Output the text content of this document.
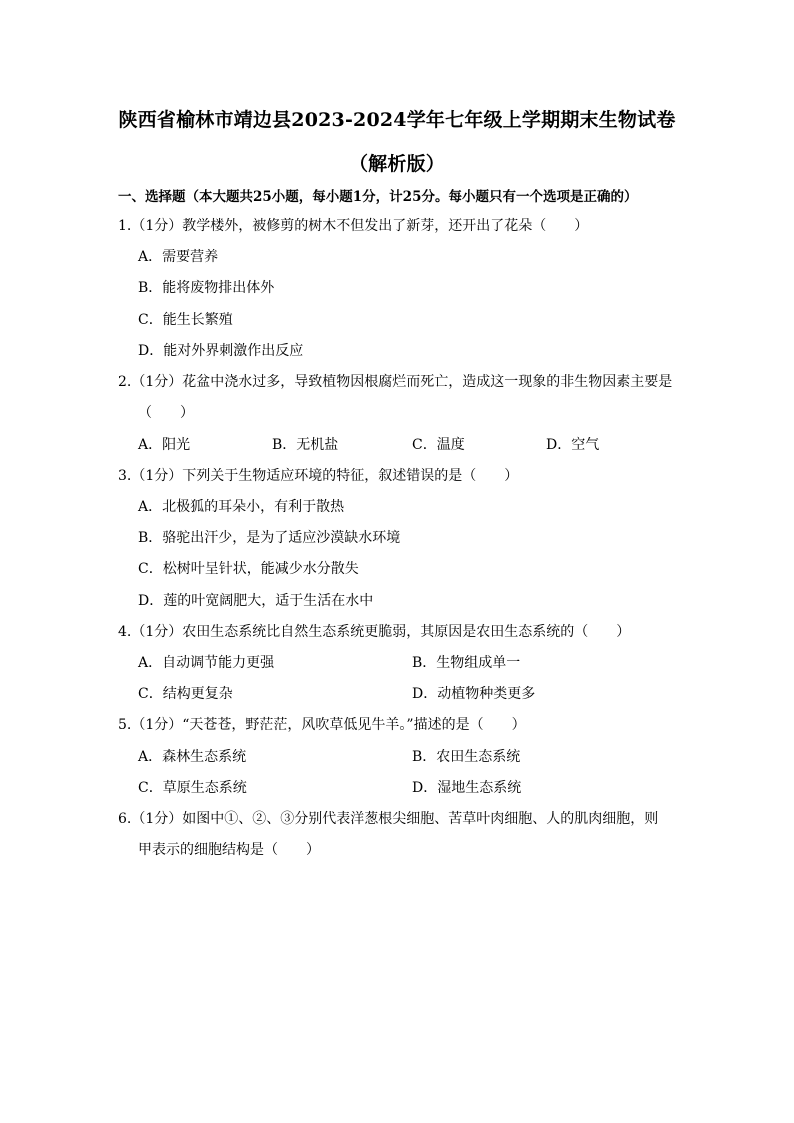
陕西省榆林市靖边县2023-2024学年七年级上学期期末生物试卷
（解析版）
一、选择题（本大题共25小题，每小题1分，计25分。每小题只有一个选项是正确的）
1.（1分）教学楼外，被修剪的树木不但发出了新芽，还开出了花朵（　　）
A．需要营养
B．能将废物排出体外
C．能生长繁殖
D．能对外界刺激作出反应
2.（1分）花盆中浇水过多，导致植物因根腐烂而死亡，造成这一现象的非生物因素主要是
（　　）
A．阳光	B．无机盐	C．温度	D．空气
3.（1分）下列关于生物适应环境的特征，叙述错误的是（　　）
A．北极狐的耳朵小，有利于散热
B．骆驼出汗少，是为了适应沙漠缺水环境
C．松树叶呈针状，能减少水分散失
D．莲的叶宽阔肥大，适于生活在水中
4.（1分）农田生态系统比自然生态系统更脆弱，其原因是农田生态系统的（　　）
A．自动调节能力更强	B．生物组成单一
C．结构更复杂	D．动植物种类更多
5.（1分）“天苍苍，野茫茫，风吹草低见牛羊。”描述的是（　　）
A．森林生态系统	B．农田生态系统
C．草原生态系统	D．湿地生态系统
6.（1分）如图中①、②、③分别代表洋葱根尖细胞、苦草叶肉细胞、人的肌肉细胞，则
甲表示的细胞结构是（　　）
